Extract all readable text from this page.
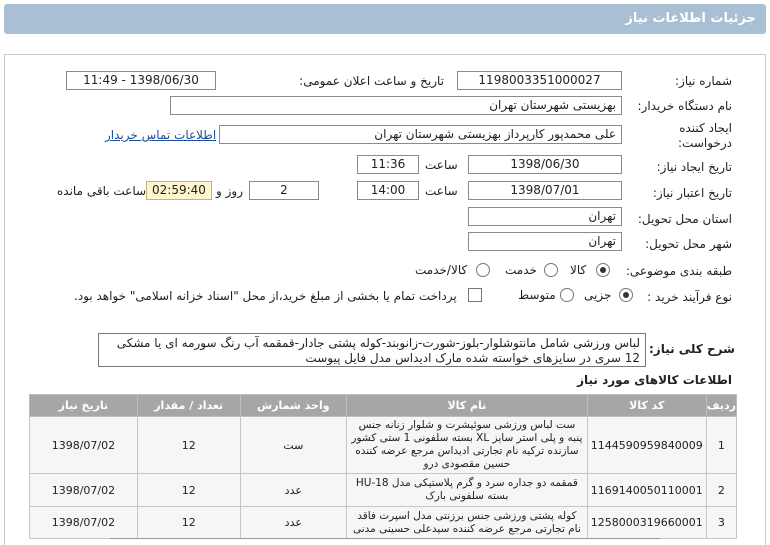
جزئیات اطلاعات نیاز
شماره نیاز:
1198003351000027
تاریخ و ساعت اعلان عمومی:
1398/06/30 - 11:49
نام دستگاه خریدار:
بهزیستی شهرستان تهران
ایجاد کننده
درخواست:
علی محمدپور کارپرداز بهزیستی شهرستان تهران
اطلاعات تماس خریدار
تاریخ ایجاد نیاز:
1398/06/30
ساعت
11:36
تاریخ اعتبار نیاز:
1398/07/01
ساعت
14:00
2
روز و
02:59:40
ساعت باقی مانده
استان محل تحویل:
تهران
شهر محل تحویل:
تهران
طبقه بندی موضوعی:
کالا
خدمت
کالا/خدمت
نوع فرآیند خرید :
جزیی
متوسط
پرداخت تمام یا بخشی از مبلغ خرید،از محل "اسناد خزانه اسلامی" خواهد بود.
شرح کلی نیاز:
لباس ورزشی شامل مانتوشلوار-بلوز-شورت-زانوبند-کوله پشتی جادار-قمقمه آب رنگ سورمه ای یا مشکی 12 سری در سایزهای خواسته شده مارک ادیداس مدل فایل پیوست
اطلاعات کالاهای مورد نیاز
ردیف	کد کالا	نام کالا	واحد شمارش	تعداد / مقدار	تاریخ نیاز
1	1144590959840009	ست لباس ورزشی سوئیشرت و شلوار زنانه جنس پنبه و پلی استر سایز XL بسته سلفونی 1 ستی کشور سازنده ترکیه نام تجارتی ادیداس مرجع عرضه کننده حسین مقصودی درو	ست	12	1398/07/02
2	1169140050110001	قمقمه دو جداره سرد و گرم پلاستیکی مدل HU-18 بسته سلفونی بارک	عدد	12	1398/07/02
3	1258000319660001	کوله پشتی ورزشی جنس برزنتی مدل اسپرت فاقد نام تجارتی مرجع عرضه کننده سیدعلی حسینی مدنی	عدد	12	1398/07/02
